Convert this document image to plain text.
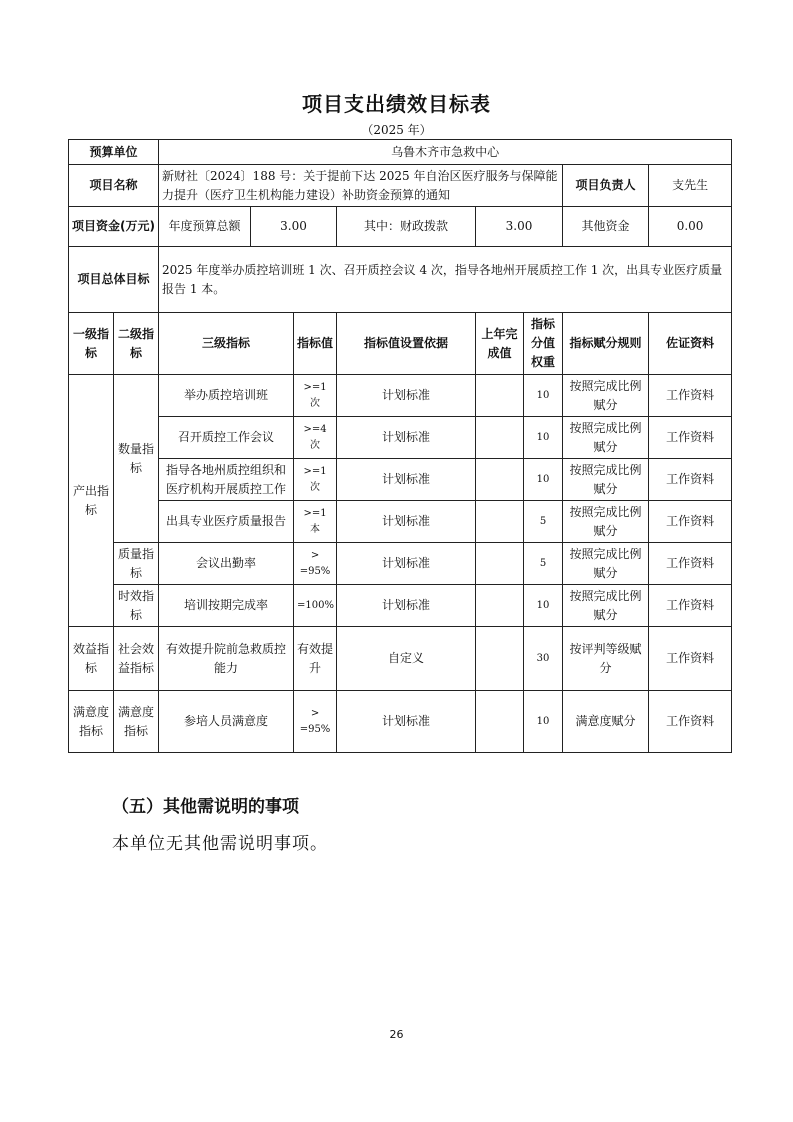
项目支出绩效目标表
（2025 年）
预算单位		乌鲁木齐市急救中心							
项目名称		新财社〔2024〕188 号：关于提前下达 2025 年自治区医疗服务与保障能力提升（医疗卫生机构能力建设）补助资金预算的通知						项目负责人	支先生
项目资金(万元)		年度预算总额	3.00		其中：财政拨款	3.00		其他资金	0.00
项目总体目标		2025 年度举办质控培训班 1 次、召开质控会议 4 次，指导各地州开展质控工作 1 次，出具专业医疗质量报告 1 本。							
一级指标	二级指标	三级指标		指标值	指标值设置依据	上年完成值	指标分值权重	指标赋分规则	佐证资料
产出指标	数量指标	举办质控培训班		>=1 次	计划标准		10	按照完成比例赋分	工作资料
		召开质控工作会议		>=4 次	计划标准		10	按照完成比例赋分	工作资料
		指导各地州质控组织和医疗机构开展质控工作		>=1 次	计划标准		10	按照完成比例赋分	工作资料
		出具专业医疗质量报告		>=1 本	计划标准		5	按照完成比例赋分	工作资料
	质量指标	会议出勤率		> =95%	计划标准		5	按照完成比例赋分	工作资料
	时效指标	培训按期完成率		=100%	计划标准		10	按照完成比例赋分	工作资料
效益指标	社会效益指标	有效提升院前急救质控能力		有效提升	自定义		30	按评判等级赋分	工作资料
满意度指标	满意度指标	参培人员满意度		> =95%	计划标准		10	满意度赋分	工作资料
（五）其他需说明的事项
本单位无其他需说明事项。
26
